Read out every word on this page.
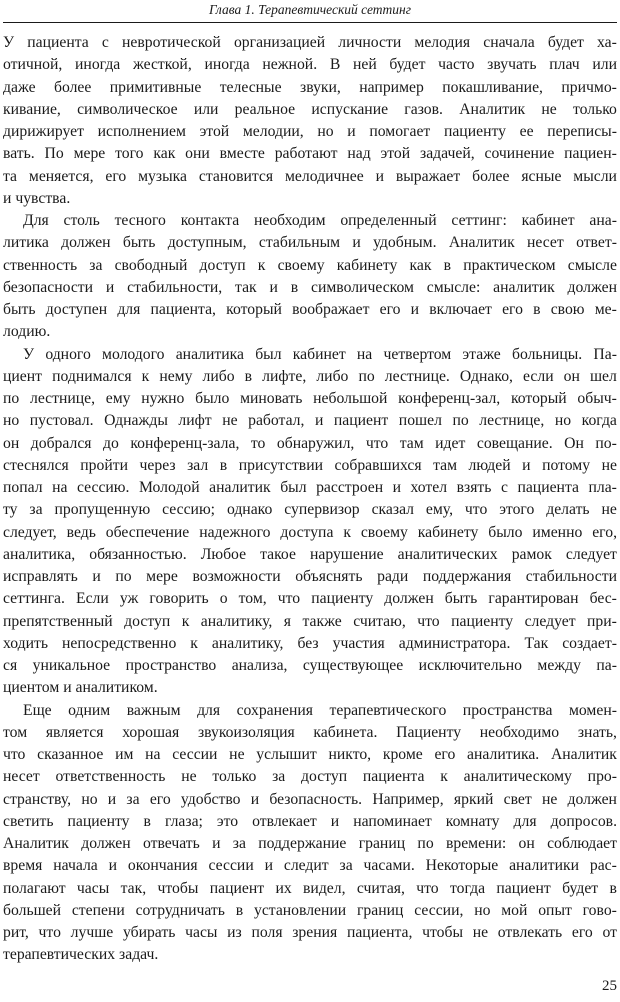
Глава 1. Терапевтический сеттинг
У пациента с невротической организацией личности мелодия сначала будет ха-
отичной, иногда жесткой, иногда нежной. В ней будет часто звучать плач или
даже более примитивные телесные звуки, например покашливание, причмо-
кивание, символическое или реальное испускание газов. Аналитик не только
дирижирует исполнением этой мелодии, но и помогает пациенту ее переписы-
вать. По мере того как они вместе работают над этой задачей, сочинение пациен-
та меняется, его музыка становится мелодичнее и выражает более ясные мысли
и чувства.
Для столь тесного контакта необходим определенный сеттинг: кабинет ана-
литика должен быть доступным, стабильным и удобным. Аналитик несет ответ-
ственность за свободный доступ к своему кабинету как в практическом смысле
безопасности и стабильности, так и в символическом смысле: аналитик должен
быть доступен для пациента, который воображает его и включает его в свою ме-
лодию.
У одного молодого аналитика был кабинет на четвертом этаже больницы. Па-
циент поднимался к нему либо в лифте, либо по лестнице. Однако, если он шел
по лестнице, ему нужно было миновать небольшой конференц-зал, который обыч-
но пустовал. Однажды лифт не работал, и пациент пошел по лестнице, но когда
он добрался до конференц-зала, то обнаружил, что там идет совещание. Он по-
стеснялся пройти через зал в присутствии собравшихся там людей и потому не
попал на сессию. Молодой аналитик был расстроен и хотел взять с пациента пла-
ту за пропущенную сессию; однако супервизор сказал ему, что этого делать не
следует, ведь обеспечение надежного доступа к своему кабинету было именно его,
аналитика, обязанностью. Любое такое нарушение аналитических рамок следует
исправлять и по мере возможности объяснять ради поддержания стабильности
сеттинга. Если уж говорить о том, что пациенту должен быть гарантирован бес-
препятственный доступ к аналитику, я также считаю, что пациенту следует при-
ходить непосредственно к аналитику, без участия администратора. Так создает-
ся уникальное пространство анализа, существующее исключительно между па-
циентом и аналитиком.
Еще одним важным для сохранения терапевтического пространства момен-
том является хорошая звукоизоляция кабинета. Пациенту необходимо знать,
что сказанное им на сессии не услышит никто, кроме его аналитика. Аналитик
несет ответственность не только за доступ пациента к аналитическому про-
странству, но и за его удобство и безопасность. Например, яркий свет не должен
светить пациенту в глаза; это отвлекает и напоминает комнату для допросов.
Аналитик должен отвечать и за поддержание границ по времени: он соблюдает
время начала и окончания сессии и следит за часами. Некоторые аналитики рас-
полагают часы так, чтобы пациент их видел, считая, что тогда пациент будет в
большей степени сотрудничать в установлении границ сессии, но мой опыт гово-
рит, что лучше убирать часы из поля зрения пациента, чтобы не отвлекать его от
терапевтических задач.
25
